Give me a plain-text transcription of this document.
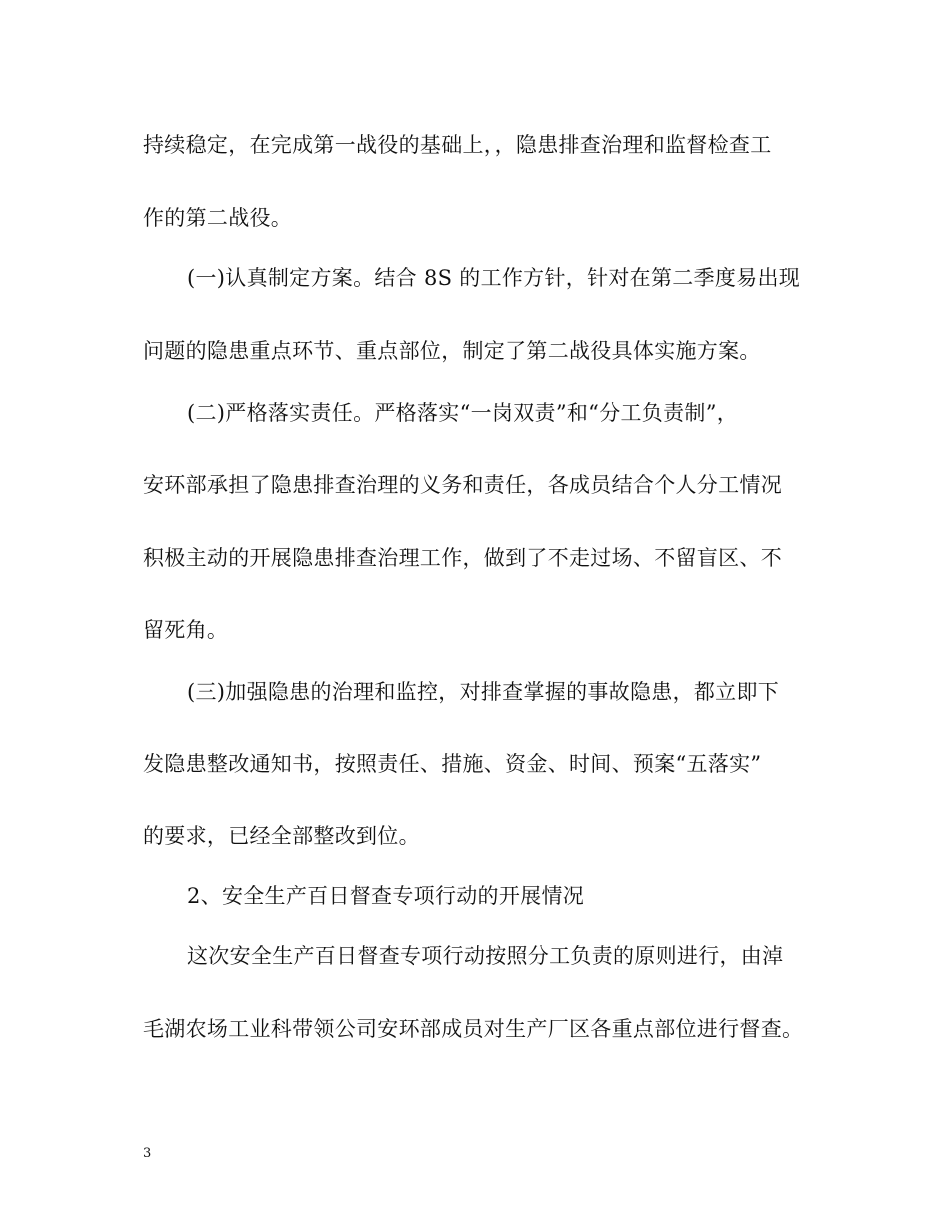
持续稳定，在完成第一战役的基础上，，隐患排查治理和监督检查工
作的第二战役。
(一)认真制定方案。结合 8S 的工作方针，针对在第二季度易出现
问题的隐患重点环节、重点部位，制定了第二战役具体实施方案。
(二)严格落实责任。严格落实“一岗双责”和“分工负责制”，
安环部承担了隐患排查治理的义务和责任，各成员结合个人分工情况
积极主动的开展隐患排查治理工作，做到了不走过场、不留盲区、不
留死角。
(三)加强隐患的治理和监控，对排查掌握的事故隐患，都立即下
发隐患整改通知书，按照责任、措施、资金、时间、预案“五落实”
的要求，已经全部整改到位。
2、安全生产百日督查专项行动的开展情况
这次安全生产百日督查专项行动按照分工负责的原则进行，由淖
毛湖农场工业科带领公司安环部成员对生产厂区各重点部位进行督查。
3
